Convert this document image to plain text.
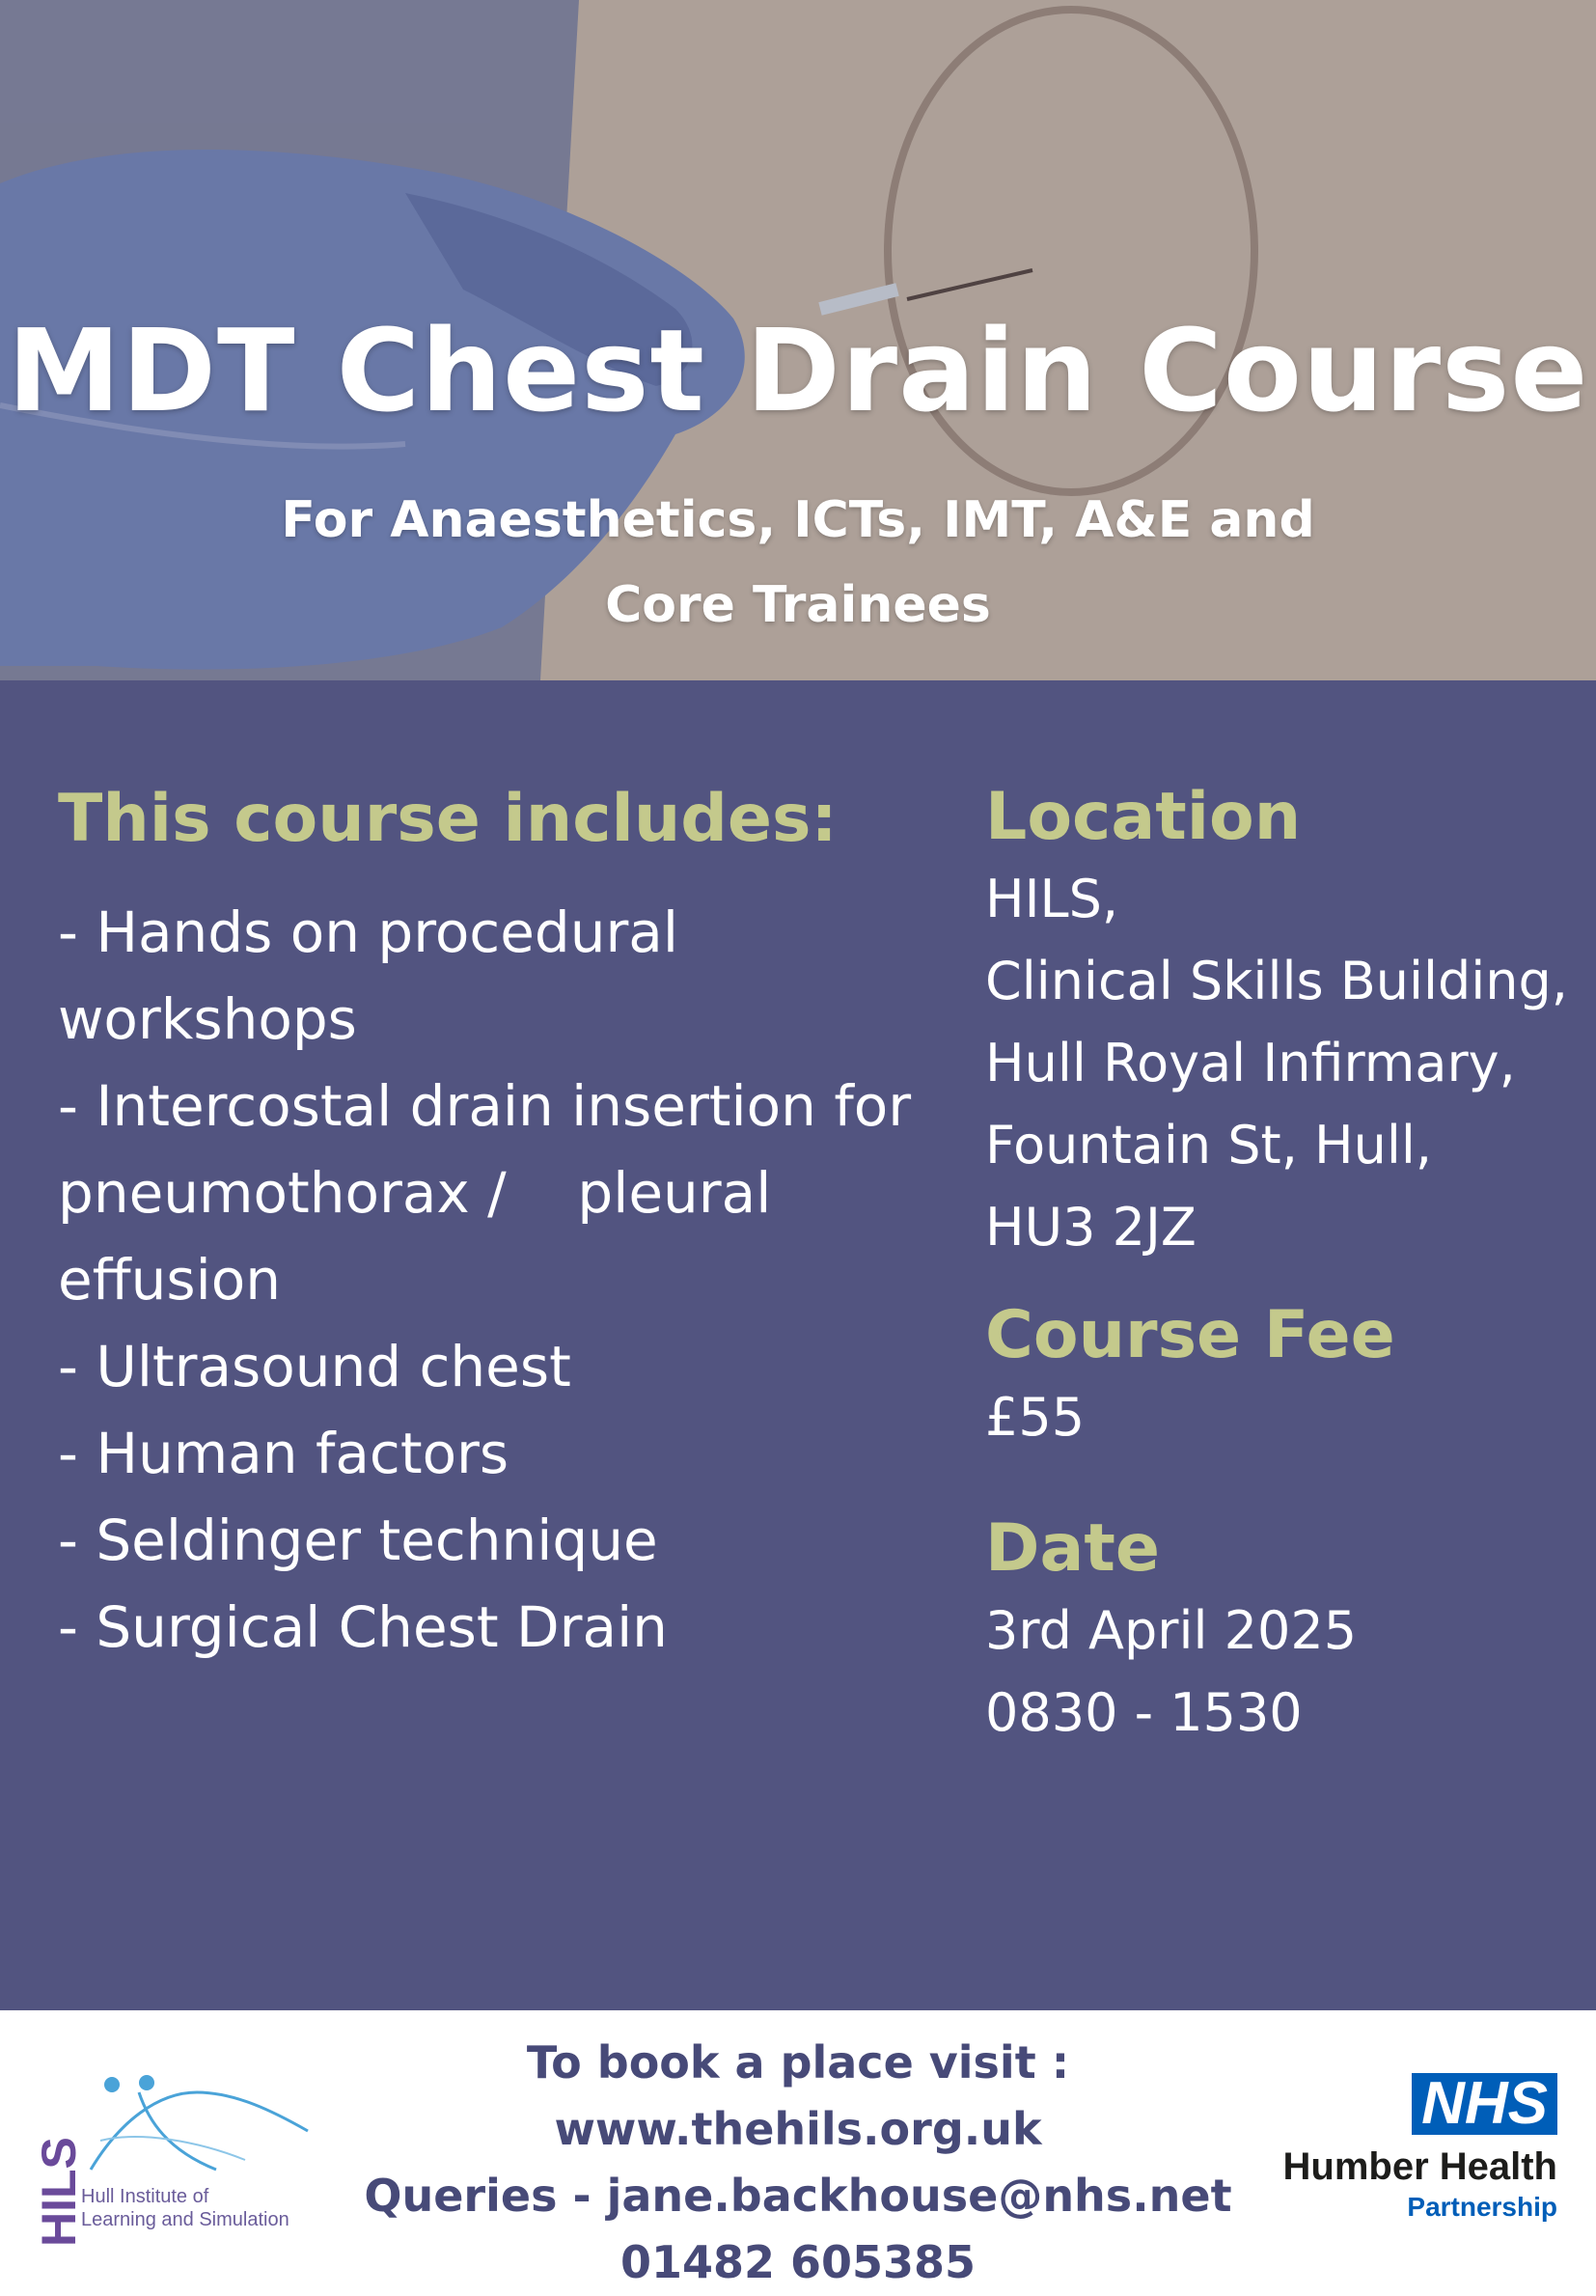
MDT Chest Drain Course
For Anaesthetics, ICTs, IMT, A&E and
Core Trainees
This course includes:
- Hands on procedural
workshops
- Intercostal drain insertion for
pneumothorax /    pleural
effusion
- Ultrasound chest
- Human factors
- Seldinger technique
- Surgical Chest Drain
Location
HILS,
Clinical Skills Building,
Hull Royal Infirmary,
Fountain St, Hull,
HU3 2JZ
Course Fee
£55
Date
3rd April 2025
0830 - 1530
HILS
Hull Institute of
Learning and Simulation
To book a place visit : www.thehils.org.uk
Queries - jane.backhouse@nhs.net
01482 605385
NHS
Humber Health
Partnership
